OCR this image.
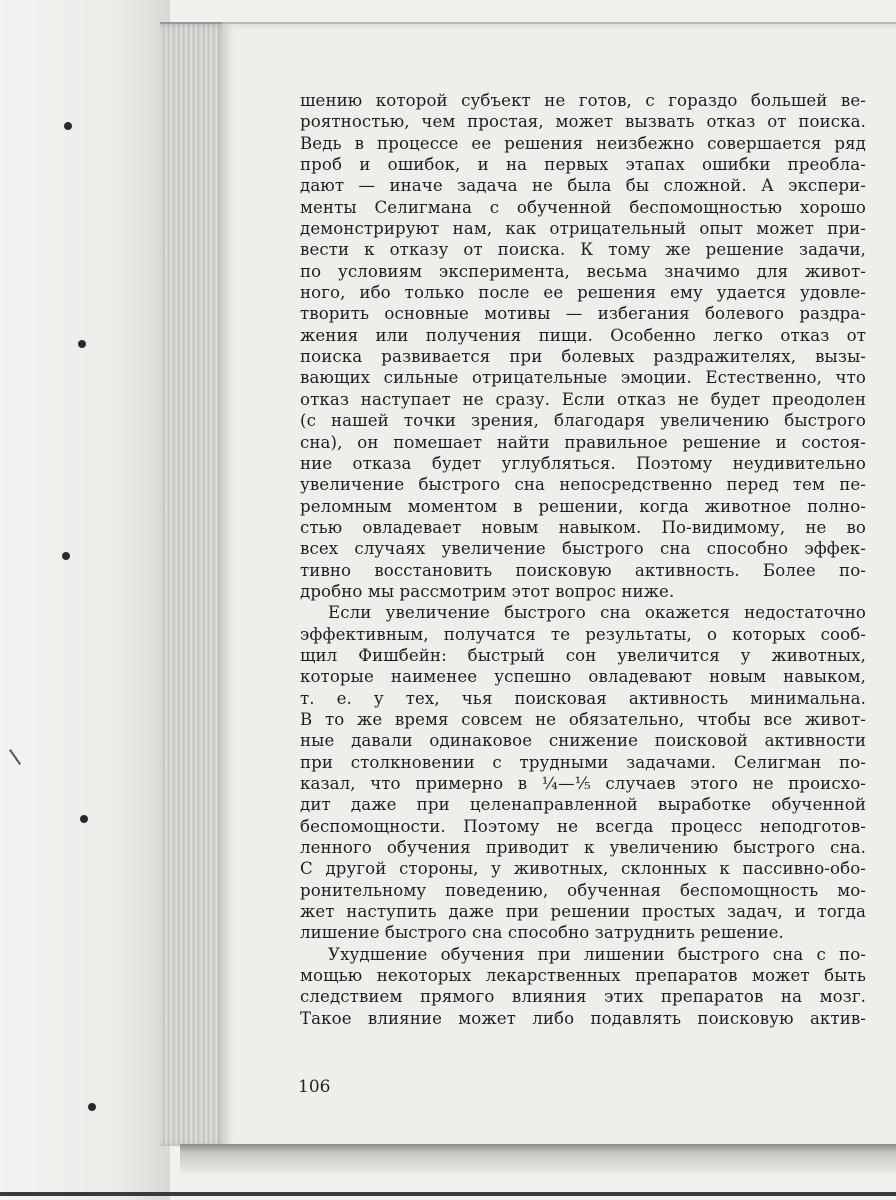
шению которой субъект не готов, с гораздо большей ве-
роятностью, чем простая, может вызвать отказ от поиска.
Ведь в процессе ее решения неизбежно совершается ряд
проб и ошибок, и на первых этапах ошибки преобла-
дают — иначе задача не была бы сложной. А экспери-
менты Селигмана с обученной беспомощностью хорошо
демонстрируют нам, как отрицательный опыт может при-
вести к отказу от поиска. К тому же решение задачи,
по условиям эксперимента, весьма значимо для живот-
ного, ибо только после ее решения ему удается удовле-
творить основные мотивы — избегания болевого раздра-
жения или получения пищи. Особенно легко отказ от
поиска развивается при болевых раздражителях, вызы-
вающих сильные отрицательные эмоции. Естественно, что
отказ наступает не сразу. Если отказ не будет преодолен
(с нашей точки зрения, благодаря увеличению быстрого
сна), он помешает найти правильное решение и состоя-
ние отказа будет углубляться. Поэтому неудивительно
увеличение быстрого сна непосредственно перед тем пе-
реломным моментом в решении, когда животное полно-
стью овладевает новым навыком. По-видимому, не во
всех случаях увеличение быстрого сна способно эффек-
тивно восстановить поисковую активность. Более по-
дробно мы рассмотрим этот вопрос ниже.
Если увеличение быстрого сна окажется недостаточно
эффективным, получатся те результаты, о которых сооб-
щил Фишбейн: быстрый сон увеличится у животных,
которые наименее успешно овладевают новым навыком,
т. е. у тех, чья поисковая активность минимальна.
В то же время совсем не обязательно, чтобы все живот-
ные давали одинаковое снижение поисковой активности
при столкновении с трудными задачами. Селигман по-
казал, что примерно в ¼—⅕ случаев этого не происхо-
дит даже при целенаправленной выработке обученной
беспомощности. Поэтому не всегда процесс неподготов-
ленного обучения приводит к увеличению быстрого сна.
С другой стороны, у животных, склонных к пассивно-обо-
ронительному поведению, обученная беспомощность мо-
жет наступить даже при решении простых задач, и тогда
лишение быстрого сна способно затруднить решение.
Ухудшение обучения при лишении быстрого сна с по-
мощью некоторых лекарственных препаратов может быть
следствием прямого влияния этих препаратов на мозг.
Такое влияние может либо подавлять поисковую актив-
106
